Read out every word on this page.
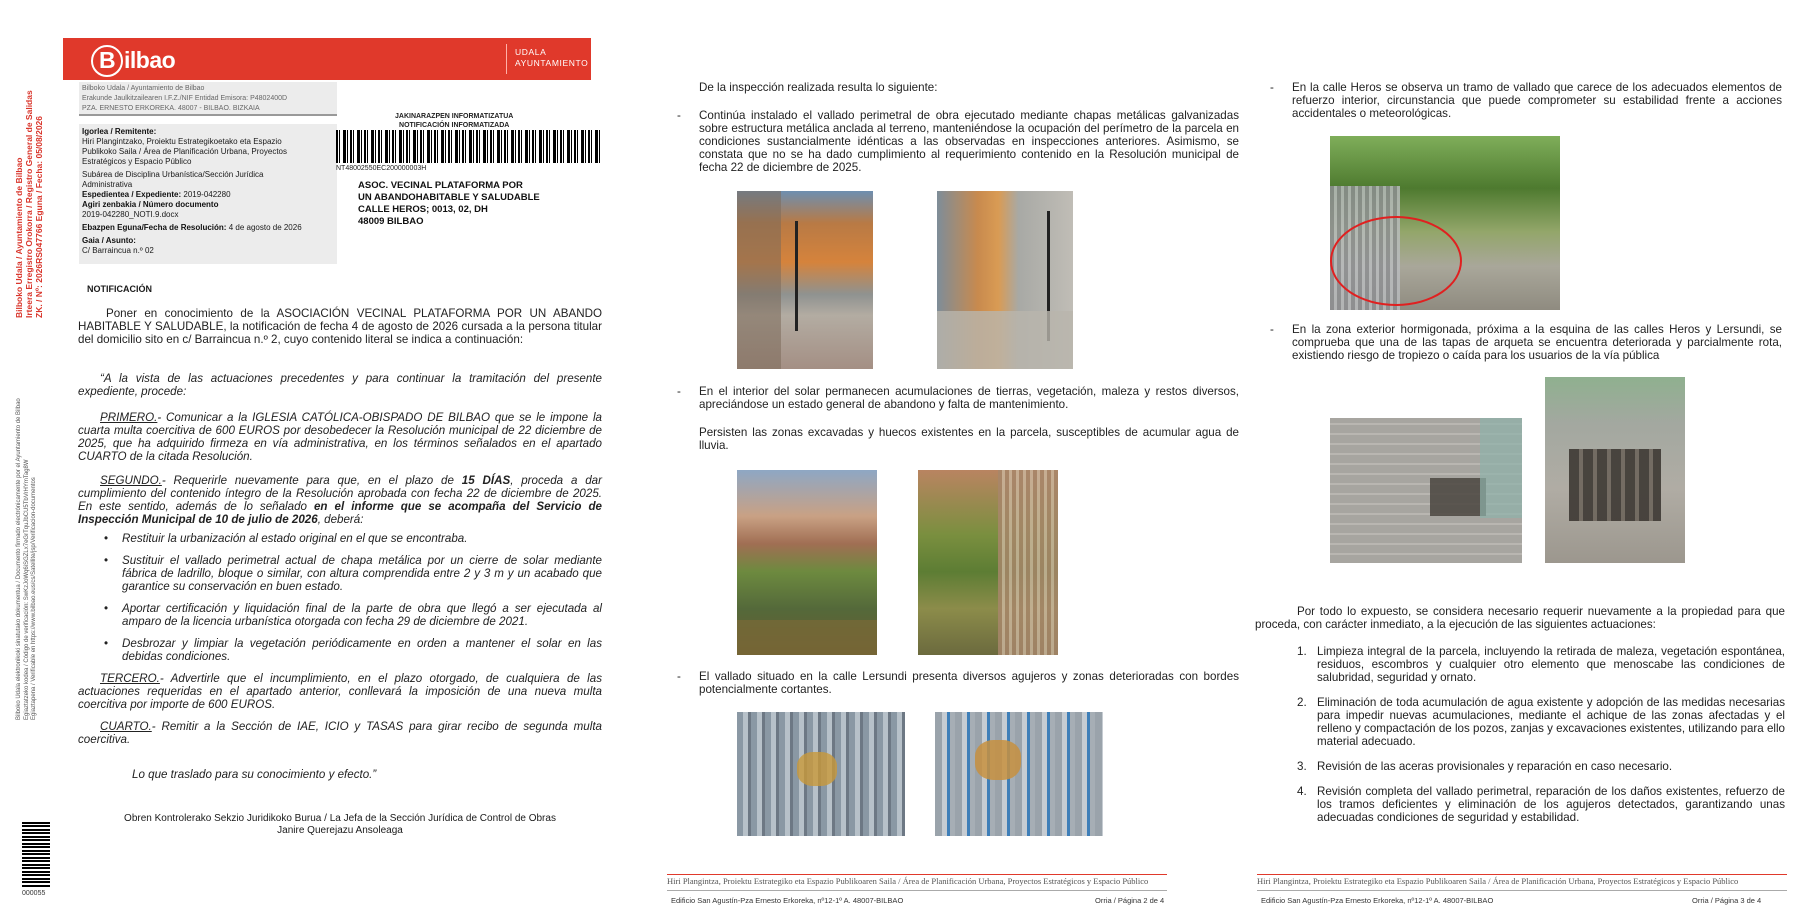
Bilboko Udala / Ayuntamiento de Bilbao Irteera Erregistro Orokorra / Registro General de Salidas ZK. / Nº: 2026RS047766 Eguna / Fecha: 05/08/2026
Bilboko Udala elektronikoki sinatutako dokumentua / Documento firmado electrónicamente por el Ayuntamiento de Bilbao Egiaztatzeko kodea / Código de verificación: SwKzJoWq6iSGZLx7eGrTquJbCU5TbVrHYmTag8W Egiaztapena / Verificable en https://www.bilbao.eus/cs/Satellite/jsp/Verificacion-documentos
B ilbao	UDALA
AYUNTAMIENTO
Bilboko Udala / Ayuntamiento de Bilbao
Erakunde Jaulkitzailearen I.F.Z./NIF Entidad Emisora: P4802400D
PZA. ERNESTO ERKOREKA. 48007 - BILBAO. BIZKAIA
Igorlea / Remitente:
Hiri Plangintzako, Proiektu Estrategikoetako eta Espazio
Publikoko Saila / Área de Planificación Urbana, Proyectos
Estratégicos y Espacio Público
Subárea de Disciplina Urbanística/Sección Jurídica
Administrativa
Espedientea / Expediente: 2019-042280
Agiri zenbakia / Número documento
2019-042280_NOTI.9.docx
Ebazpen Eguna/Fecha de Resolución: 4 de agosto de 2026
Gaia / Asunto:
C/ Barraincua n.º 02
JAKINARAZPEN INFORMATIZATUA
NOTIFICACIÓN INFORMATIZADA
NT48002550EC200000003H
ASOC. VECINAL PLATAFORMA POR
UN ABANDOHABITABLE Y SALUDABLE
CALLE HEROS; 0013, 02, DH
48009 BILBAO
NOTIFICACIÓN
Poner en conocimiento de la ASOCIACIÓN VECINAL PLATAFORMA POR UN ABANDO HABITABLE Y SALUDABLE, la notificación de fecha 4 de agosto de 2026 cursada a la persona titular del domicilio sito en c/ Barraincua n.º 2, cuyo contenido literal se indica a continuación:
“A la vista de las actuaciones precedentes y para continuar la tramitación del presente expediente, procede:
PRIMERO.- Comunicar a la IGLESIA CATÓLICA-OBISPADO DE BILBAO que se le impone la cuarta multa coercitiva de 600 EUROS por desobedecer la Resolución municipal de 22 diciembre de 2025, que ha adquirido firmeza en vía administrativa, en los términos señalados en el apartado CUARTO de la citada Resolución.
SEGUNDO.- Requerirle nuevamente para que, en el plazo de 15 DÍAS, proceda a dar cumplimiento del contenido íntegro de la Resolución aprobada con fecha 22 de diciembre de 2025. En este sentido, además de lo señalado en el informe que se acompaña del Servicio de Inspección Municipal de 10 de julio de 2026, deberá:
• Restituir la urbanización al estado original en el que se encontraba.
• Sustituir el vallado perimetral actual de chapa metálica por un cierre de solar mediante fábrica de ladrillo, bloque o similar, con altura comprendida entre 2 y 3 m y un acabado que garantice su conservación en buen estado.
• Aportar certificación y liquidación final de la parte de obra que llegó a ser ejecutada al amparo de la licencia urbanística otorgada con fecha 29 de diciembre de 2021.
• Desbrozar y limpiar la vegetación periódicamente en orden a mantener el solar en las debidas condiciones.
TERCERO.- Advertirle que el incumplimiento, en el plazo otorgado, de cualquiera de las actuaciones requeridas en el apartado anterior, conllevará la imposición de una nueva multa coercitiva por importe de 600 EUROS.
CUARTO.- Remitir a la Sección de IAE, ICIO y TASAS para girar recibo de segunda multa coercitiva.
Lo que traslado para su conocimiento y efecto.”
Obren Kontrolerako Sekzio Juridikoko Burua / La Jefa de la Sección Jurídica de Control de Obras
Janire Querejazu Ansoleaga
000055
De la inspección realizada resulta lo siguiente:
- Continúa instalado el vallado perimetral de obra ejecutado mediante chapas metálicas galvanizadas sobre estructura metálica anclada al terreno, manteniéndose la ocupación del perímetro de la parcela en condiciones sustancialmente idénticas a las observadas en inspecciones anteriores. Asimismo, se constata que no se ha dado cumplimiento al requerimiento contenido en la Resolución municipal de fecha 22 de diciembre de 2025.
- En el interior del solar permanecen acumulaciones de tierras, vegetación, maleza y restos diversos, apreciándose un estado general de abandono y falta de mantenimiento.
Persisten las zonas excavadas y huecos existentes en la parcela, susceptibles de acumular agua de lluvia.
- El vallado situado en la calle Lersundi presenta diversos agujeros y zonas deterioradas con bordes potencialmente cortantes.
Hiri Plangintza, Proiektu Estrategiko eta Espazio Publikoaren Saila / Área de Planificación Urbana, Proyectos Estratégicos y Espacio Público
Edificio San Agustín-Pza Ernesto Erkoreka, nº12-1º A. 48007-BILBAO	Orria / Página 2 de 4
- En la calle Heros se observa un tramo de vallado que carece de los adecuados elementos de refuerzo interior, circunstancia que puede comprometer su estabilidad frente a acciones accidentales o meteorológicas.
- En la zona exterior hormigonada, próxima a la esquina de las calles Heros y Lersundi, se comprueba que una de las tapas de arqueta se encuentra deteriorada y parcialmente rota, existiendo riesgo de tropiezo o caída para los usuarios de la vía pública
Por todo lo expuesto, se considera necesario requerir nuevamente a la propiedad para que proceda, con carácter inmediato, a la ejecución de las siguientes actuaciones:
1. Limpieza integral de la parcela, incluyendo la retirada de maleza, vegetación espontánea, residuos, escombros y cualquier otro elemento que menoscabe las condiciones de salubridad, seguridad y ornato.
2. Eliminación de toda acumulación de agua existente y adopción de las medidas necesarias para impedir nuevas acumulaciones, mediante el achique de las zonas afectadas y el relleno y compactación de los pozos, zanjas y excavaciones existentes, utilizando para ello material adecuado.
3. Revisión de las aceras provisionales y reparación en caso necesario.
4. Revisión completa del vallado perimetral, reparación de los daños existentes, refuerzo de los tramos deficientes y eliminación de los agujeros detectados, garantizando unas adecuadas condiciones de seguridad y estabilidad.
Hiri Plangintza, Proiektu Estrategiko eta Espazio Publikoaren Saila / Área de Planificación Urbana, Proyectos Estratégicos y Espacio Público
Edificio San Agustín-Pza Ernesto Erkoreka, nº12-1º A. 48007-BILBAO	Orria / Página 3 de 4
